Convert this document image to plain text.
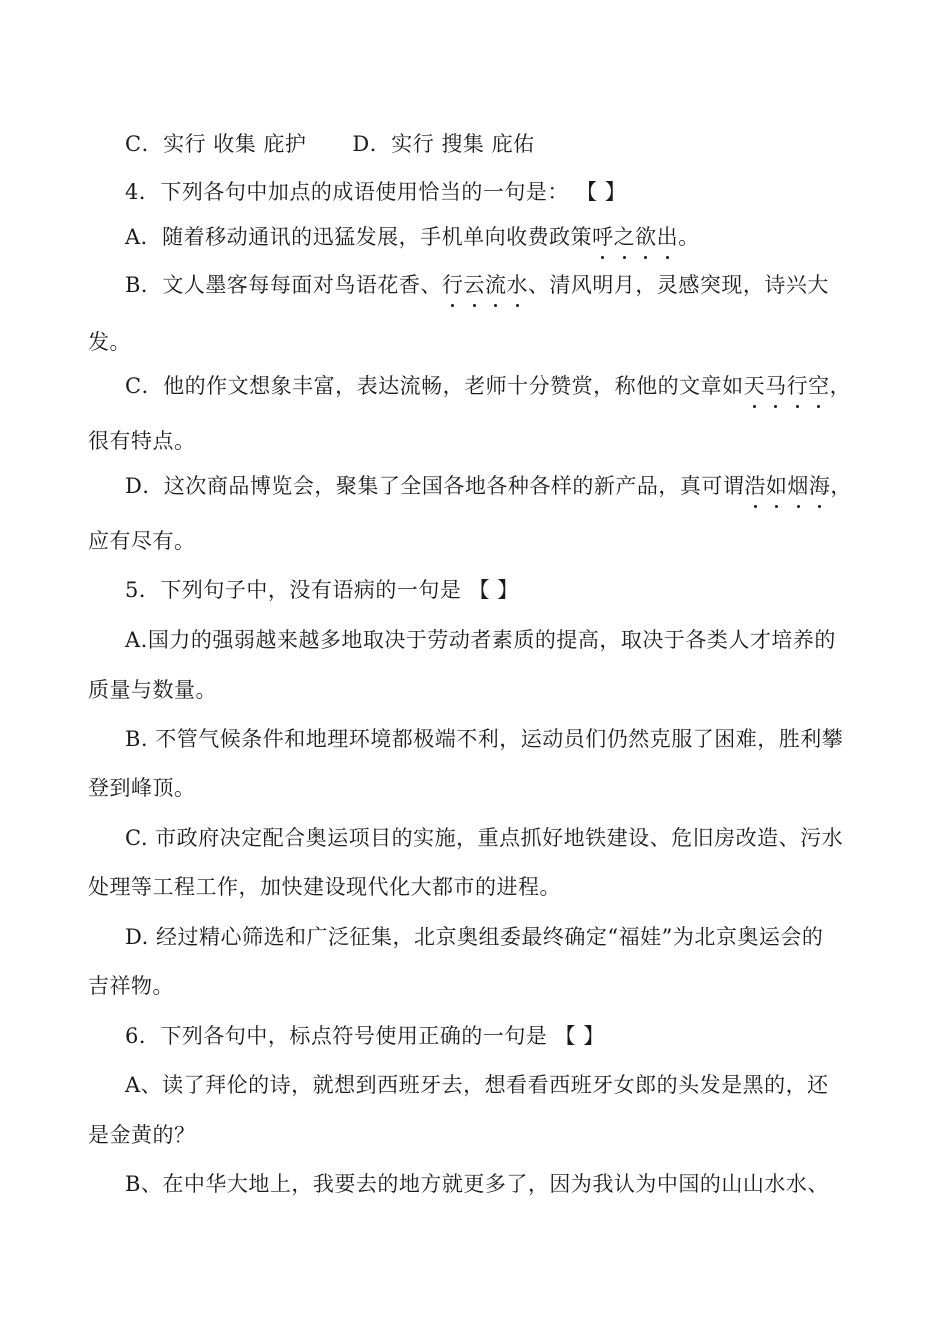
C．实行 收集 庇护 D．实行 搜集 庇佑
4．下列各句中加点的成语使用恰当的一句是： 【 】
A．随着移动通讯的迅猛发展，手机单向收费政策呼
之
欲
出
。
B．文人墨客每每面对鸟语花香、行
云
流
水
、清风明月，灵感突现，诗兴大
发。
C．他的作文想象丰富，表达流畅，老师十分赞赏，称他的文章如天
马
行
空
，
很有特点。
D．这次商品博览会，聚集了全国各地各种各样的新产品，真可谓浩
如
烟
海
，
应有尽有。
5．下列句子中，没有语病的一句是 【 】
A.国力的强弱越来越多地取决于劳动者素质的提高，取决于各类人才培养的
质量与数量。
B. 不管气候条件和地理环境都极端不利，运动员们仍然克服了困难，胜利攀
登到峰顶。
C. 市政府决定配合奥运项目的实施，重点抓好地铁建设、危旧房改造、污水
处理等工程工作，加快建设现代化大都市的进程。
D. 经过精心筛选和广泛征集，北京奥组委最终确定“福娃”为北京奥运会的
吉祥物。
6．下列各句中，标点符号使用正确的一句是 【 】
A、读了拜伦的诗，就想到西班牙去，想看看西班牙女郎的头发是黑的，还
是金黄的？
B、在中华大地上，我要去的地方就更多了，因为我认为中国的山山水水、
